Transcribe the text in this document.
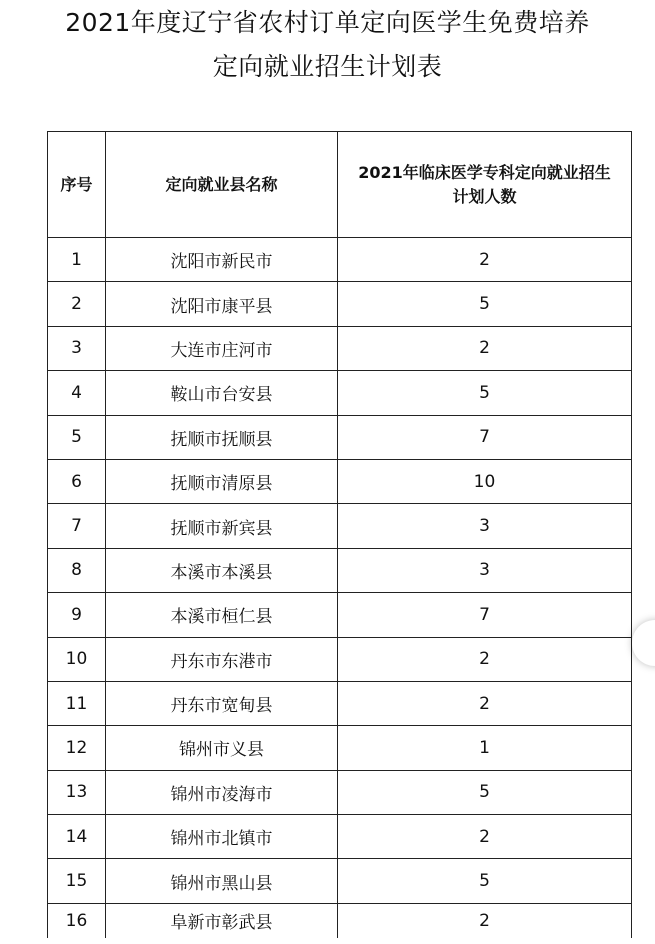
2021年度辽宁省农村订单定向医学生免费培养
定向就业招生计划表
序号	定向就业县名称	2021年临床医学专科定向就业招生计划人数

1	沈阳市新民市	2
2	沈阳市康平县	5
3	大连市庄河市	2
4	鞍山市台安县	5
5	抚顺市抚顺县	7
6	抚顺市清原县	10
7	抚顺市新宾县	3
8	本溪市本溪县	3
9	本溪市桓仁县	7
10	丹东市东港市	2
11	丹东市宽甸县	2
12	锦州市义县	1
13	锦州市凌海市	5
14	锦州市北镇市	2
15	锦州市黑山县	5
16	阜新市彰武县	2
